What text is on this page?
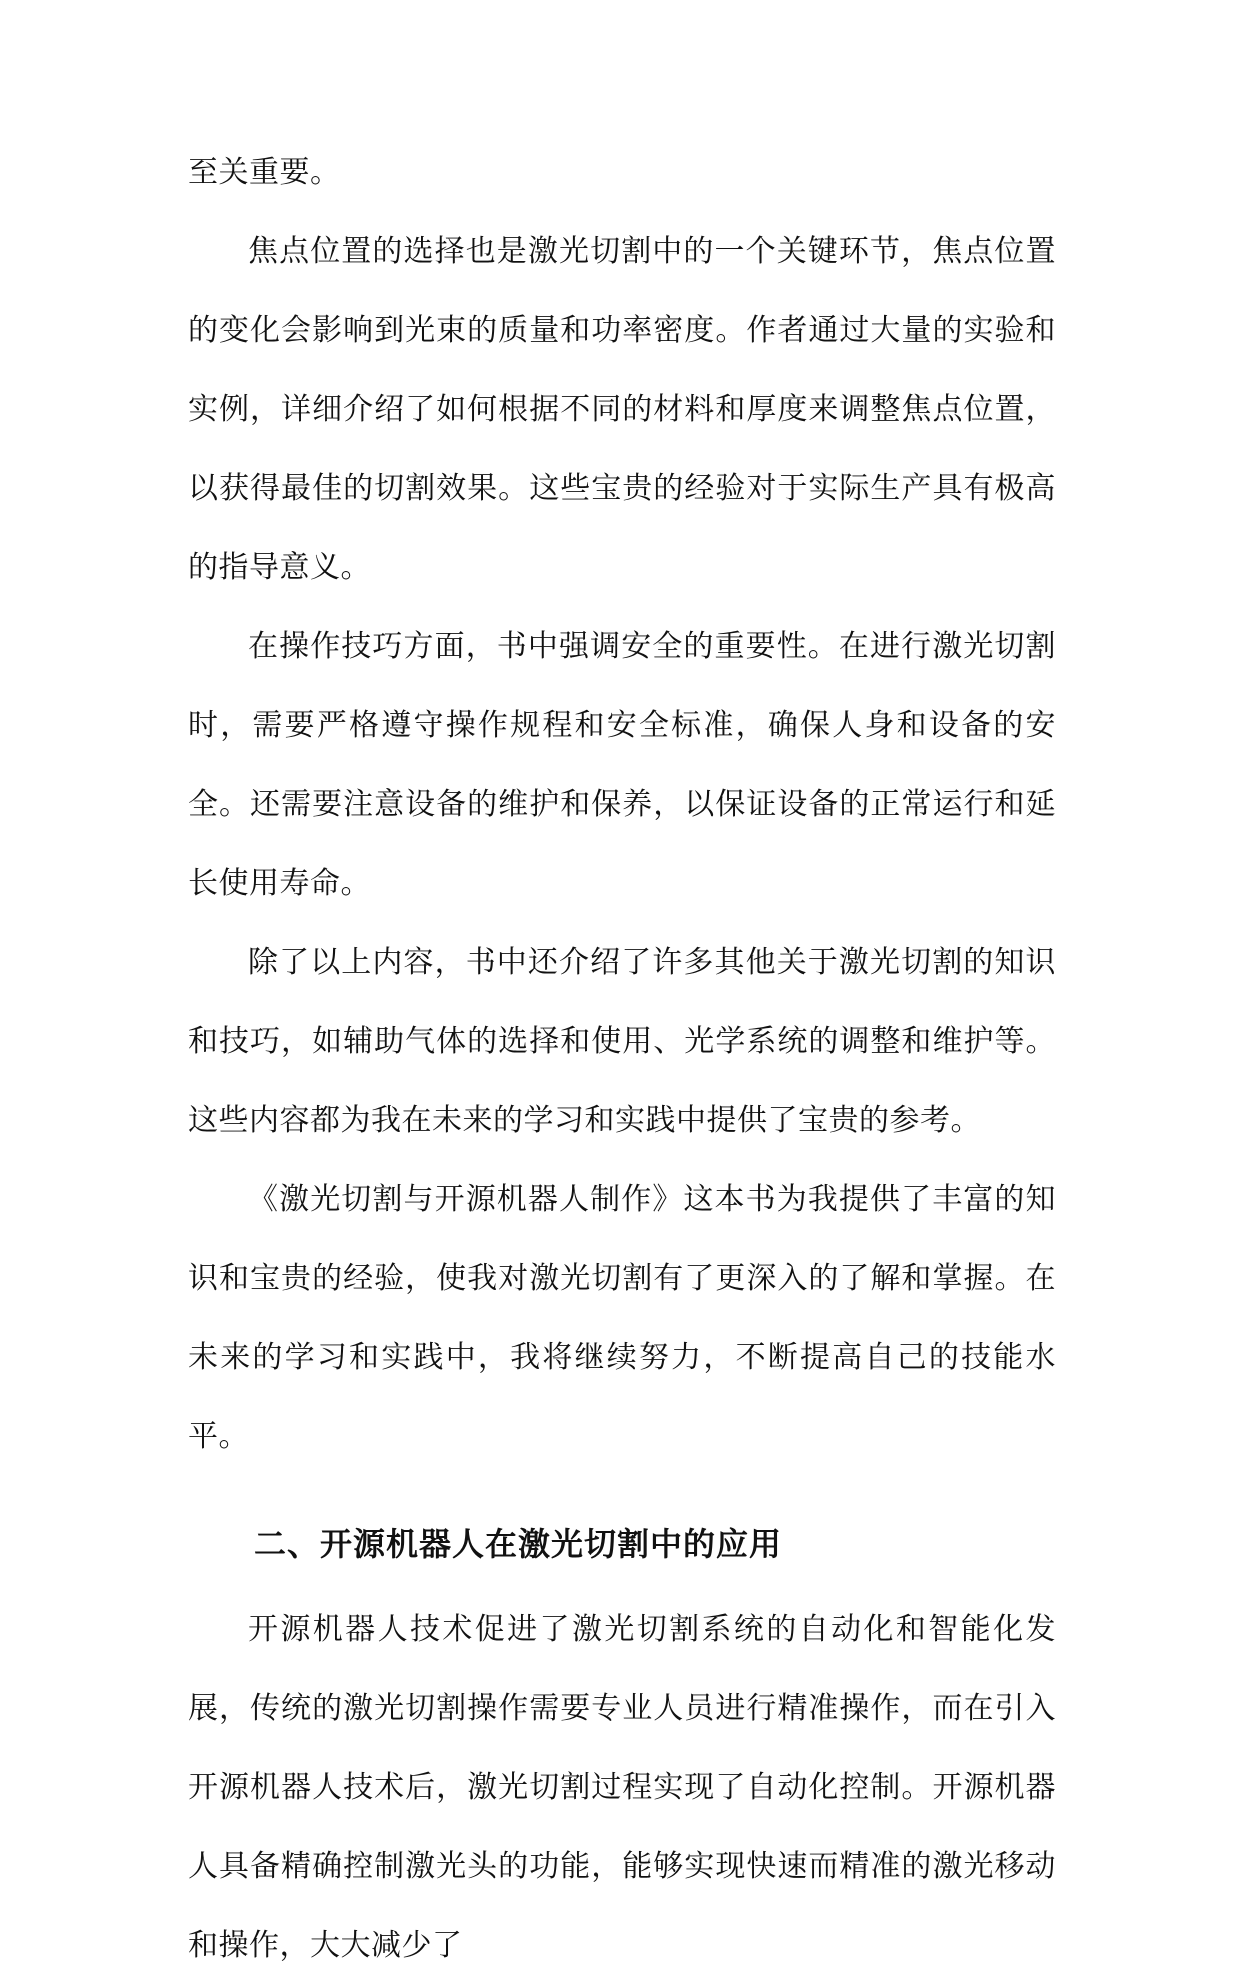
至关重要。

焦点位置的选择也是激光切割中的一个关键环节，焦点位置的变化会影响到光束的质量和功率密度。作者通过大量的实验和实例，详细介绍了如何根据不同的材料和厚度来调整焦点位置，以获得最佳的切割效果。这些宝贵的经验对于实际生产具有极高的指导意义。

在操作技巧方面，书中强调安全的重要性。在进行激光切割时，需要严格遵守操作规程和安全标准，确保人身和设备的安全。还需要注意设备的维护和保养，以保证设备的正常运行和延长使用寿命。

除了以上内容，书中还介绍了许多其他关于激光切割的知识和技巧，如辅助气体的选择和使用、光学系统的调整和维护等。这些内容都为我在未来的学习和实践中提供了宝贵的参考。

《激光切割与开源机器人制作》这本书为我提供了丰富的知识和宝贵的经验，使我对激光切割有了更深入的了解和掌握。在未来的学习和实践中，我将继续努力，不断提高自己的技能水平。

二、开源机器人在激光切割中的应用

开源机器人技术促进了激光切割系统的自动化和智能化发展，传统的激光切割操作需要专业人员进行精准操作，而在引入开源机器人技术后，激光切割过程实现了自动化控制。开源机器人具备精确控制激光头的功能，能够实现快速而精准的激光移动和操作，大大减少了
